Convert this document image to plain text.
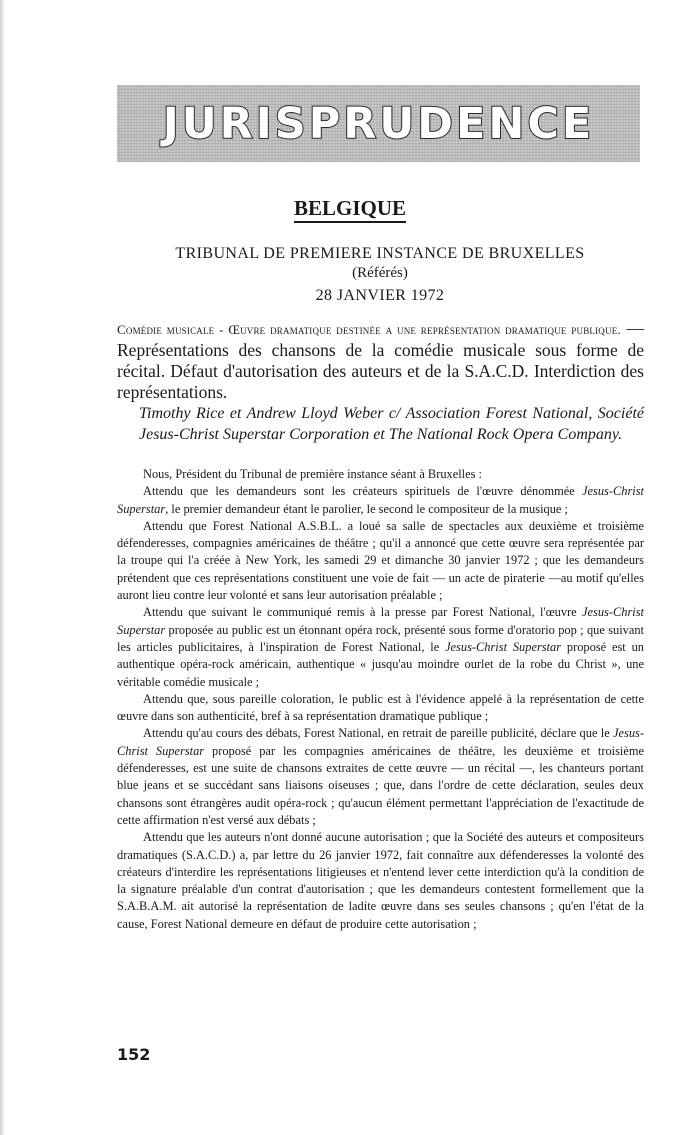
JURISPRUDENCE
BELGIQUE
TRIBUNAL DE PREMIERE INSTANCE DE BRUXELLES
(Référés)
28 JANVIER 1972
Comédie musicale - Œuvre dramatique destinée a une représentation dramatique publique. — Représentations des chansons de la comédie musicale sous forme de récital. Défaut d'autorisation des auteurs et de la S.A.C.D. Interdiction des représentations.
Timothy Rice et Andrew Lloyd Weber c/ Association Forest National, Société Jesus-Christ Superstar Corporation et The National Rock Opera Company.

Nous, Président du Tribunal de première instance séant à Bruxelles :

Attendu que les demandeurs sont les créateurs spirituels de l'œuvre dénommée Jesus-Christ Superstar, le premier demandeur étant le parolier, le second le compositeur de la musique ;

Attendu que Forest National A.S.B.L. a loué sa salle de spectacles aux deuxième et troisième défenderesses, compagnies américaines de théâtre ; qu'il a annoncé que cette œuvre sera représentée par la troupe qui l'a créée à New York, les samedi 29 et dimanche 30 janvier 1972 ; que les demandeurs prétendent que ces représentations constituent une voie de fait — un acte de piraterie —au motif qu'elles auront lieu contre leur volonté et sans leur autorisation préalable ;

Attendu que suivant le communiqué remis à la presse par Forest National, l'œuvre Jesus-Christ Superstar proposée au public est un étonnant opéra rock, présenté sous forme d'oratorio pop ; que suivant les articles publicitaires, à l'inspiration de Forest National, le Jesus-Christ Superstar proposé est un authentique opéra-rock américain, authentique « jusqu'au moindre ourlet de la robe du Christ », une véritable comédie musicale ;

Attendu que, sous pareille coloration, le public est à l'évidence appelé à la représentation de cette œuvre dans son authenticité, bref à sa représentation dramatique publique ;

Attendu qu'au cours des débats, Forest National, en retrait de pareille publicité, déclare que le Jesus-Christ Superstar proposé par les compagnies américaines de théâtre, les deuxième et troisième défenderesses, est une suite de chansons extraites de cette œuvre — un récital —, les chanteurs portant blue jeans et se succédant sans liaisons oiseuses ; que, dans l'ordre de cette déclaration, seules deux chansons sont étrangères audit opéra-rock ; qu'aucun élément permettant l'appréciation de l'exactitude de cette affirmation n'est versé aux débats ;

Attendu que les auteurs n'ont donné aucune autorisation ; que la Société des auteurs et compositeurs dramatiques (S.A.C.D.) a, par lettre du 26 janvier 1972, fait connaître aux défenderesses la volonté des créateurs d'interdire les représentations litigieuses et n'entend lever cette interdiction qu'à la condition de la signature préalable d'un contrat d'autorisation ; que les demandeurs contestent formellement que la S.A.B.A.M. ait autorisé la représentation de ladite œuvre dans ses seules chansons ; qu'en l'état de la cause, Forest National demeure en défaut de produire cette autorisation ;

152
